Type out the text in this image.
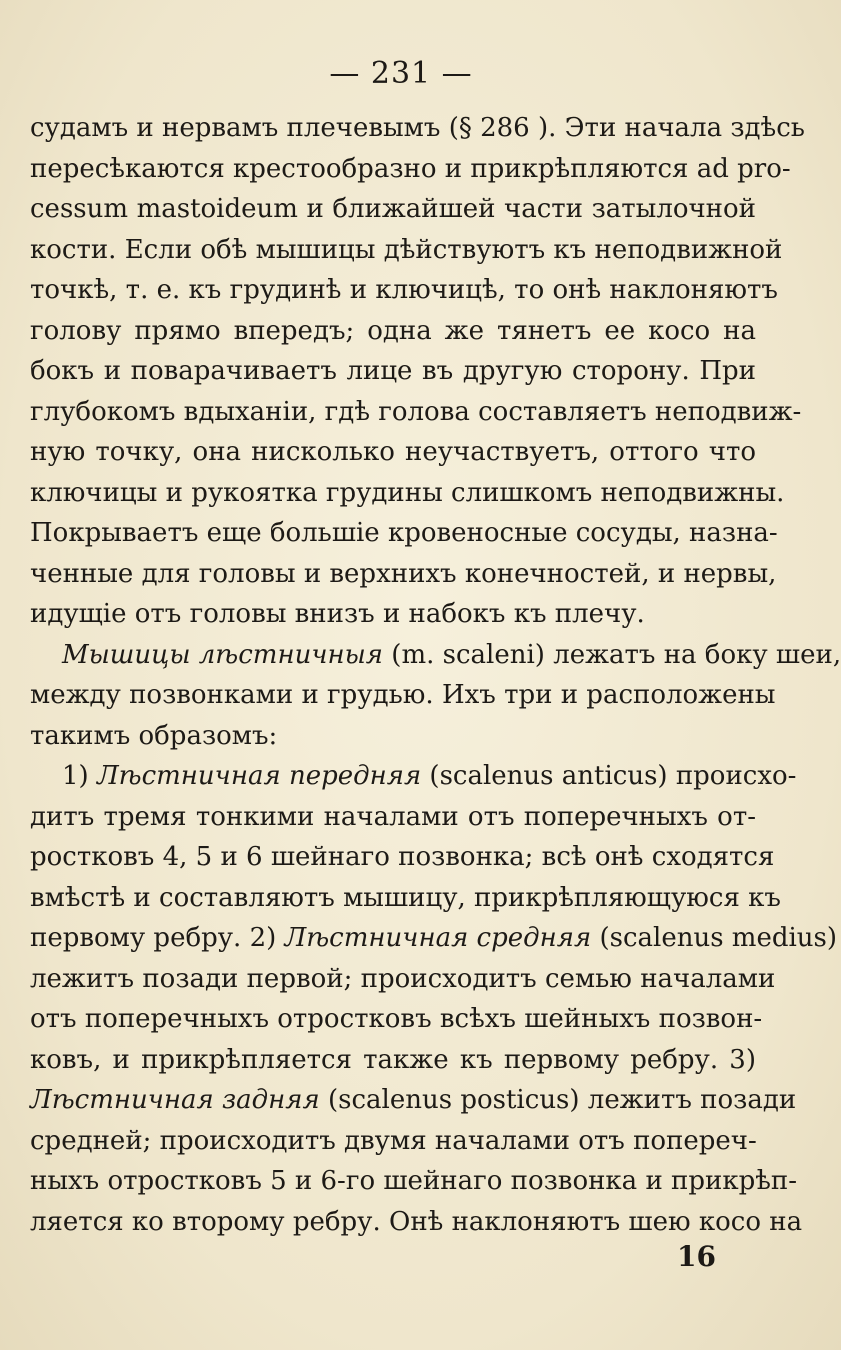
— 231 —
судамъ и нервамъ плечевымъ (§ 286 ). Эти начала здѣсь
пересѣкаются крестообразно и прикрѣпляются ad pro-
cessum mastoideum и ближайшей части затылочной
кости. Если обѣ мышицы дѣйствуютъ къ неподвижной
точкѣ, т. е. къ грудинѣ и ключицѣ, то онѣ наклоняютъ
голову прямо впередъ; одна же тянетъ ее косо на
бокъ и поварачиваетъ лице въ другую сторону. При
глубокомъ вдыханіи, гдѣ голова составляетъ неподвиж-
ную точку, она нисколько неучаствуетъ, оттого что
ключицы и рукоятка грудины слишкомъ неподвижны.
Покрываетъ еще большіе кровеносные сосуды, назна-
ченные для головы и верхнихъ конечностей, и нервы,
идущіе отъ головы внизъ и набокъ къ плечу.
Мышицы лѣстничныя (m. scaleni) лежатъ на боку шеи,
между позвонками и грудью. Ихъ три и расположены
такимъ образомъ:
1) Лѣстничная передняя (scalenus anticus) происхо-
дитъ тремя тонкими началами отъ поперечныхъ от-
ростковъ 4, 5 и 6 шейнаго позвонка; всѣ онѣ сходятся
вмѣстѣ и составляютъ мышицу, прикрѣпляющуюся къ
первому ребру. 2) Лѣстничная средняя (scalenus medius)
лежитъ позади первой; происходитъ семью началами
отъ поперечныхъ отростковъ всѣхъ шейныхъ позвон-
ковъ, и прикрѣпляется также къ первому ребру. 3)
Лѣстничная задняя (scalenus posticus) лежитъ позади
средней; происходитъ двумя началами отъ попереч-
ныхъ отростковъ 5 и 6-го шейнаго позвонка и прикрѣп-
ляется ко второму ребру. Онѣ наклоняютъ шею косо на
16
